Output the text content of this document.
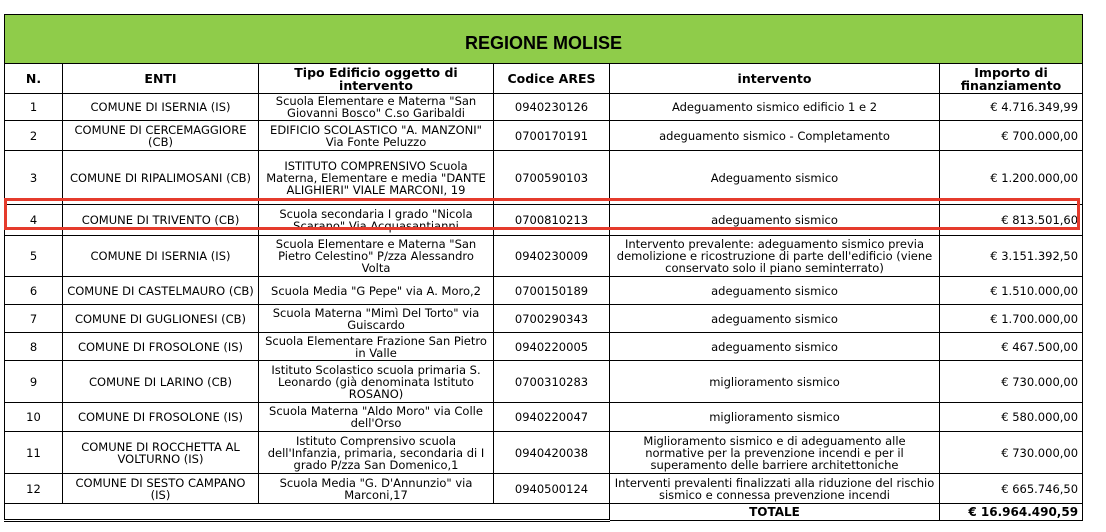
REGIONE MOLISE					
N.	ENTI	Tipo Edificio oggetto di intervento	Codice ARES	intervento	Importo di finanziamento
1	COMUNE DI ISERNIA (IS)	Scuola Elementare e Materna "San Giovanni Bosco" C.so Garibaldi	0940230126	Adeguamento sismico edificio 1 e 2	€ 4.716.349,99
2	COMUNE DI CERCEMAGGIORE (CB)	EDIFICIO SCOLASTICO "A. MANZONI" Via Fonte Peluzzo	0700170191	adeguamento sismico - Completamento	€ 700.000,00
3	COMUNE DI RIPALIMOSANI (CB)	ISTITUTO COMPRENSIVO Scuola Materna, Elementare e media "DANTE ALIGHIERI" VIALE MARCONI, 19	0700590103	Adeguamento sismico	€ 1.200.000,00
4	COMUNE DI TRIVENTO (CB)	Scuola secondaria I grado "Nicola Scarano" Via Acquasantianni	0700810213	adeguamento sismico	€ 813.501,60
5	COMUNE DI ISERNIA (IS)	Scuola Elementare e Materna "San Pietro Celestino" P/zza Alessandro Volta	0940230009	Intervento prevalente: adeguamento sismico previa demolizione e ricostruzione di parte dell'edificio (viene conservato solo il piano seminterrato)	€ 3.151.392,50
6	COMUNE DI CASTELMAURO (CB)	Scuola Media "G Pepe" via A. Moro,2	0700150189	adeguamento sismico	€ 1.510.000,00
7	COMUNE DI GUGLIONESI (CB)	Scuola Materna "Mimì Del Torto" via Guiscardo	0700290343	adeguamento sismico	€ 1.700.000,00
8	COMUNE DI FROSOLONE (IS)	Scuola Elementare Frazione San Pietro in Valle	0940220005	adeguamento sismico	€ 467.500,00
9	COMUNE DI LARINO (CB)	Istituto Scolastico scuola primaria S. Leonardo (già denominata Istituto ROSANO)	0700310283	miglioramento sismico	€ 730.000,00
10	COMUNE DI FROSOLONE (IS)	Scuola Materna "Aldo Moro" via Colle dell'Orso	0940220047	miglioramento sismico	€ 580.000,00
11	COMUNE DI ROCCHETTA AL VOLTURNO (IS)	Istituto Comprensivo scuola dell'Infanzia, primaria, secondaria di I grado P/zza San Domenico,1	0940420038	Miglioramento sismico e di adeguamento alle normative per la prevenzione incendi e per il superamento delle barriere architettoniche	€ 730.000,00
12	COMUNE DI SESTO CAMPANO (IS)	Scuola Media "G. D'Annunzio" via Marconi,17	0940500124	Interventi prevalenti finalizzati alla riduzione del rischio sismico e connessa prevenzione incendi	€ 665.746,50
				TOTALE	€ 16.964.490,59
